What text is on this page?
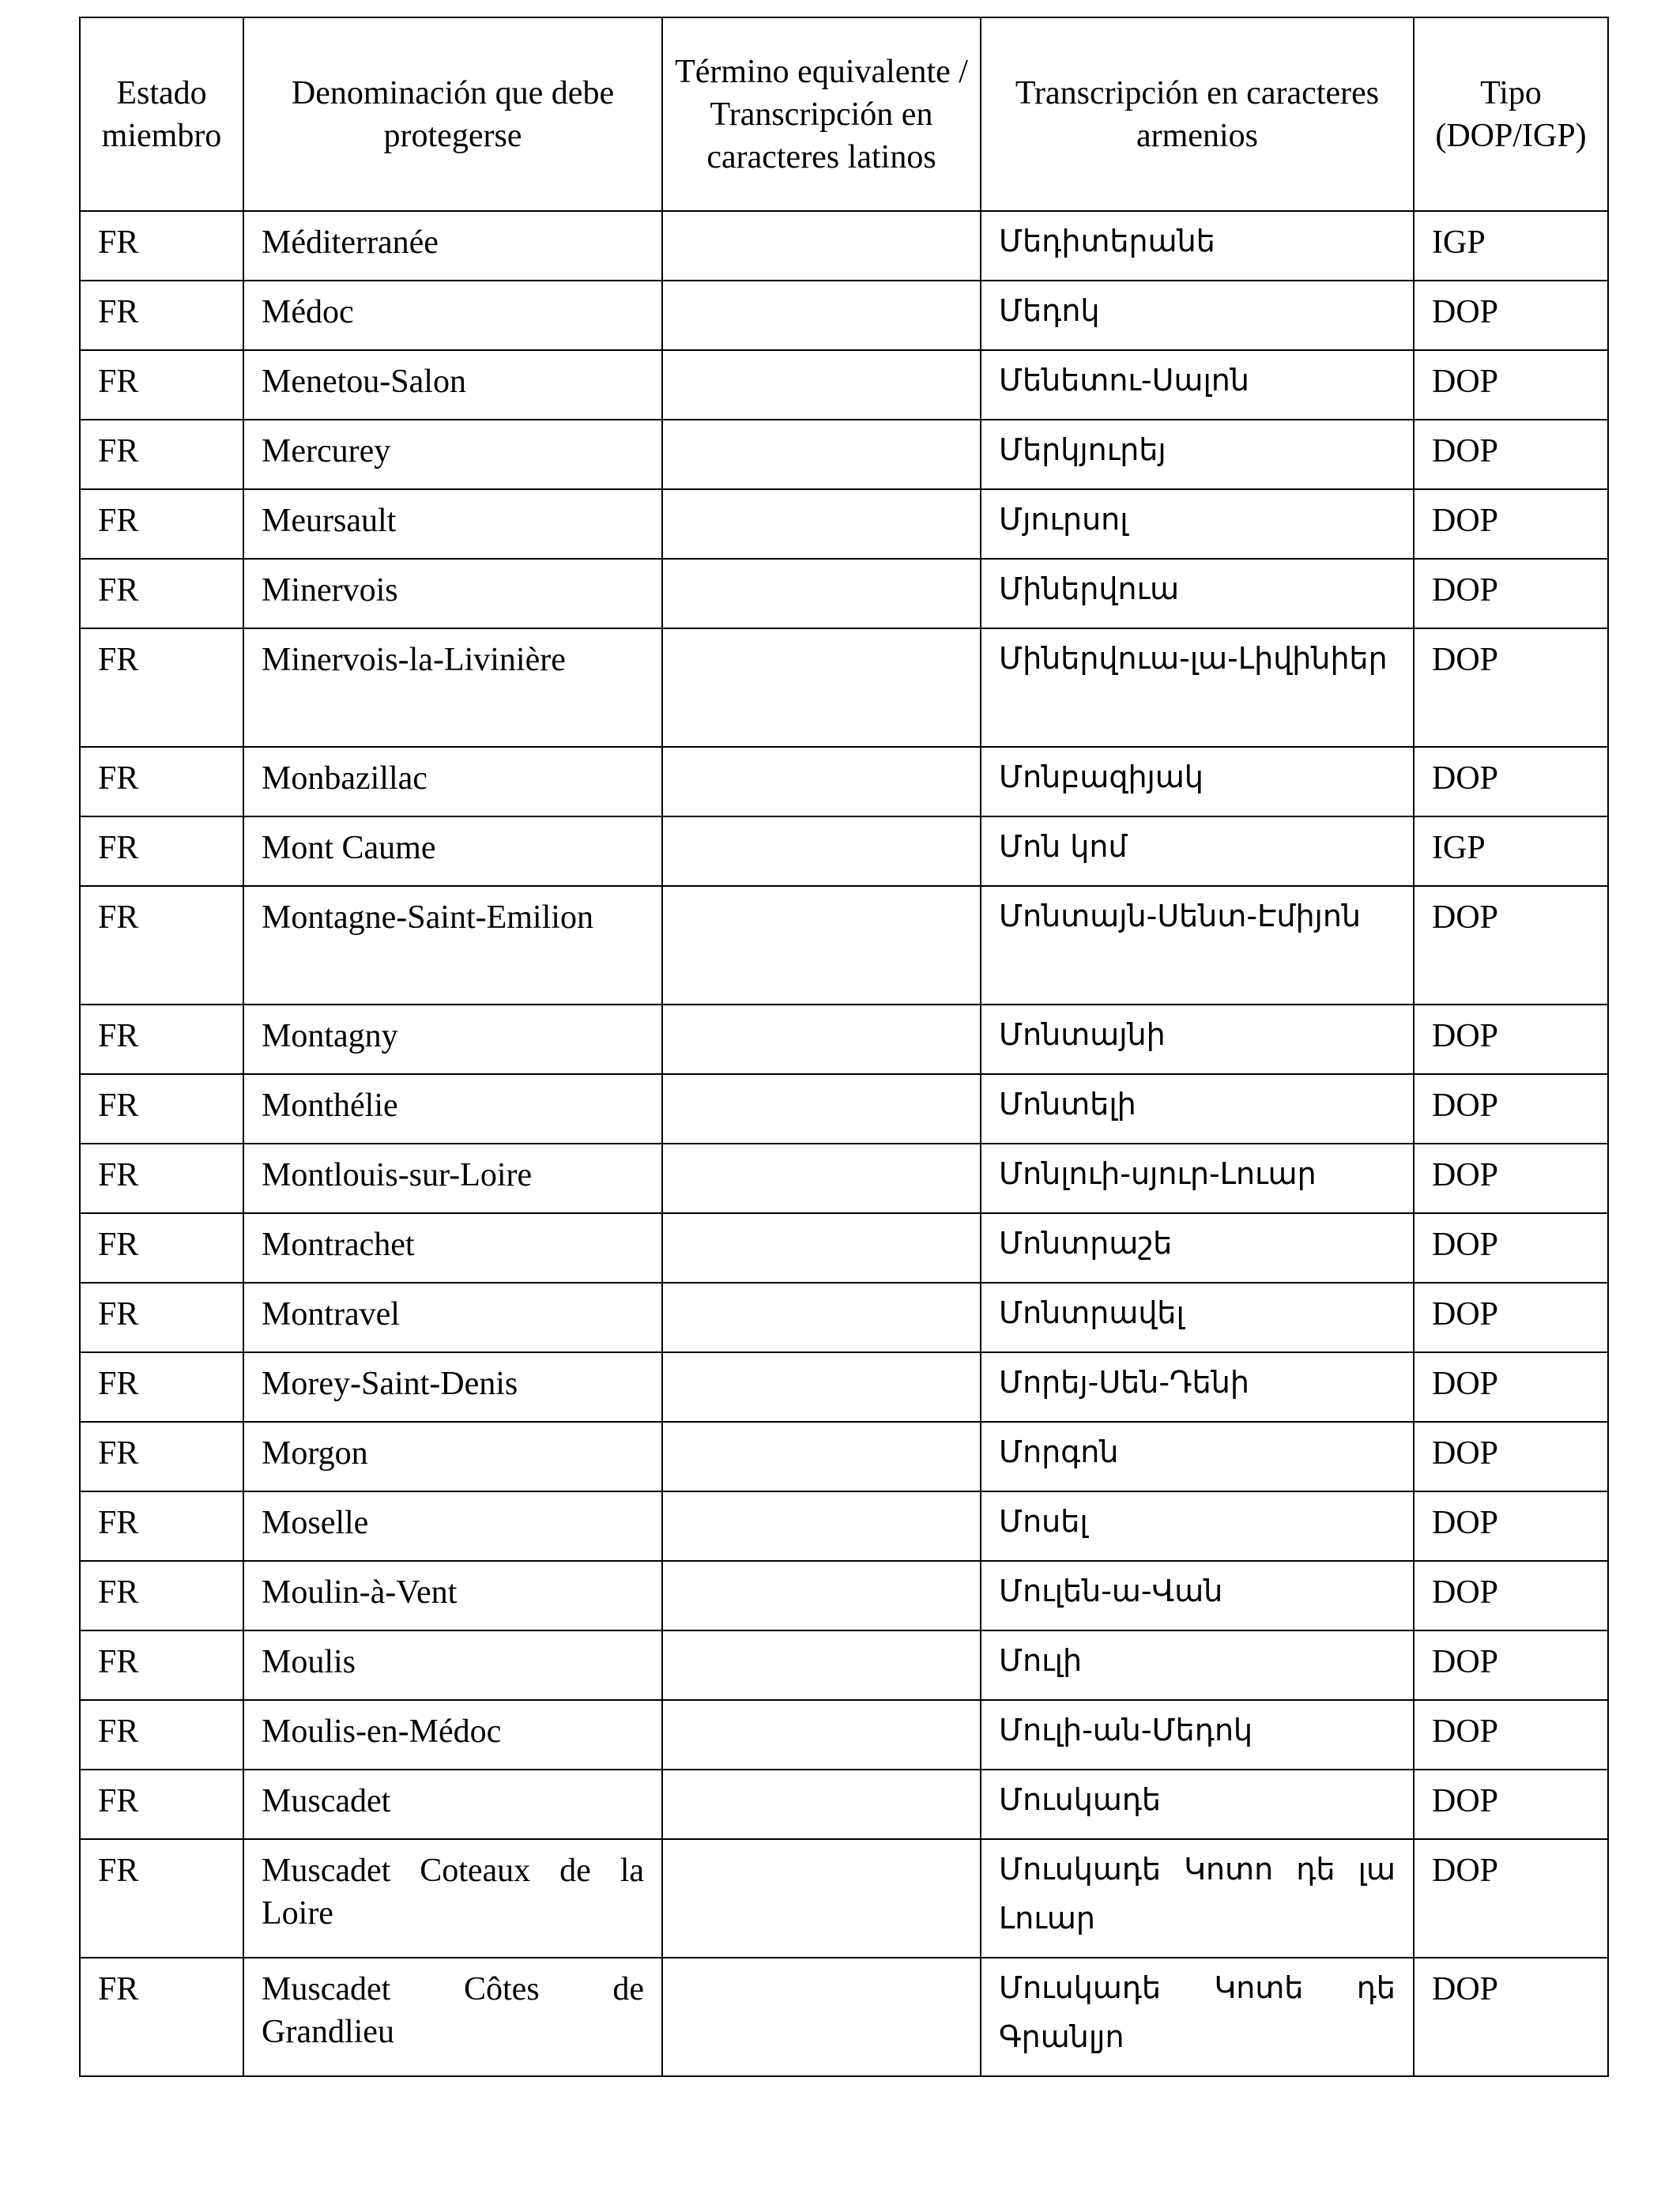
Estado miembro	Denominación que debe protegerse	Término equivalente / Transcripción en caracteres latinos	Transcripción en caracteres armenios	Tipo (DOP/IGP)
FR	Méditerranée		Մեդիտերանե	IGP
FR	Médoc		Մեդոկ	DOP
FR	Menetou-Salon		Մենետու-Սալոն	DOP
FR	Mercurey		Մերկյուրեյ	DOP
FR	Meursault		Մյուրսոլ	DOP
FR	Minervois		Միներվուա	DOP
FR	Minervois-la-Livinière		Միներվուա-լա-Լիվինիեր	DOP
FR	Monbazillac		Մոնբազիյակ	DOP
FR	Mont Caume		Մոն կոմ	IGP
FR	Montagne-Saint-Emilion		Մոնտայն-Սենտ-Էմիյոն	DOP
FR	Montagny		Մոնտայնի	DOP
FR	Monthélie		Մոնտելի	DOP
FR	Montlouis-sur-Loire		Մոնլուի-սյուր-Լուար	DOP
FR	Montrachet		Մոնտրաշե	DOP
FR	Montravel		Մոնտրավել	DOP
FR	Morey-Saint-Denis		Մորեյ-Սեն-Դենի	DOP
FR	Morgon		Մորգոն	DOP
FR	Moselle		Մոսել	DOP
FR	Moulin-à-Vent		Մուլեն-ա-Վան	DOP
FR	Moulis		Մուլի	DOP
FR	Moulis-en-Médoc		Մուլի-ան-Մեդոկ	DOP
FR	Muscadet		Մուսկադե	DOP
FR	Muscadet Coteaux de la Loire		Մուսկադե Կոտո դե լա Լուար	DOP
FR	Muscadet Côtes de Grandlieu		Մուսկադե Կոտե դե Գրանլյո	DOP
